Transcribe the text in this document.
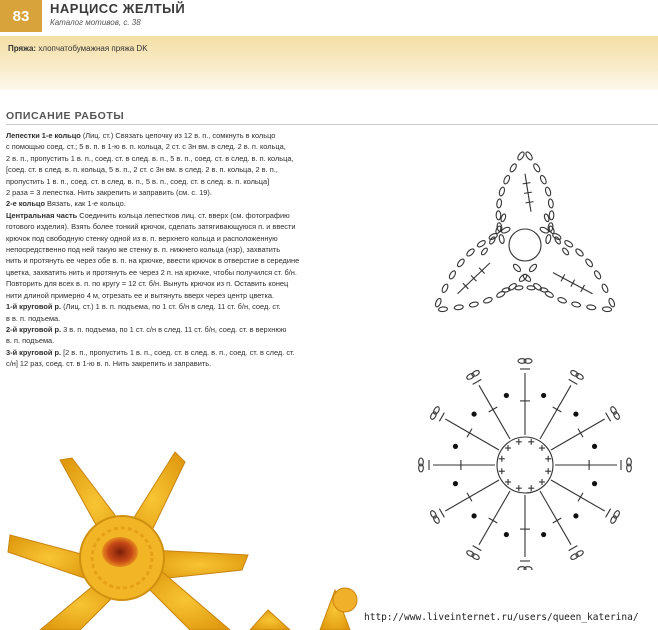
83	НАРЦИСС ЖЕЛТЫЙ
Каталог мотивов, с. 38
Пряжа: хлопчатобумажная пряжа DK
ОПИСАНИЕ РАБОТЫ
Лепестки 1-е кольцо (Лиц. ст.) Связать цепочку из 12 в. п., сомкнуть в кольцо
с помощью соед. ст.; 5 в. п. в 1-ю в. п. кольца, 2 ст. с 3н вм. в след. 2 в. п. кольца,
2 в. п., пропустить 1 в. п., соед. ст. в след. в. п., 5 в. п., соед. ст. в след. в. п. кольца,
[соед. ст. в след. в. п. кольца, 5 в. п., 2 ст. с 3н вм. в след. 2 в. п. кольца, 2 в. п.,
пропустить 1 в. п., соед. ст. в след. в. п., 5 в. п., соед. ст. в след. в. п. кольца]
2 раза = 3 лепестка. Нить закрепить и заправить (см. с. 19).
2-е кольцо Вязать, как 1-е кольцо.
Центральная часть Соединить кольца лепестков лиц. ст. вверх (см. фотографию
готового изделия). Взять более тонкий крючок, сделать затягивающуюся п. и ввести
крючок под свободную стенку одной из в. п. верхнего кольца и расположенную
непосредственно под ней такую же стенку в. п. нижнего кольца (нзр), захватить
нить и протянуть ее через обе в. п. на крючке, ввести крючок в отверстие в середине
цветка, захватить нить и протянуть ее через 2 п. на крючке, чтобы получился ст. б/н.
Повторить для всех в. п. по кругу = 12 ст. б/н. Вынуть крючок из п. Оставить конец
нити длиной примерно 4 м, отрезать ее и вытянуть вверх через центр цветка.
1-й круговой р. (Лиц. ст.) 1 в. п. подъема, по 1 ст. б/н в след. 11 ст. б/н, соед. ст.
в в. п. подъема.
2-й круговой р. 3 в. п. подъема, по 1 ст. с/н в след. 11 ст. б/н, соед. ст. в верхнюю
в. п. подъема.
3-й круговой р. [2 в. п., пропустить 1 в. п., соед. ст. в след. в. п., соед. ст. в след. ст.
с/н] 12 раз, соед. ст. в 1-ю в. п. Нить закрепить и заправить.
http://www.liveinternet.ru/users/queen_katerina/
